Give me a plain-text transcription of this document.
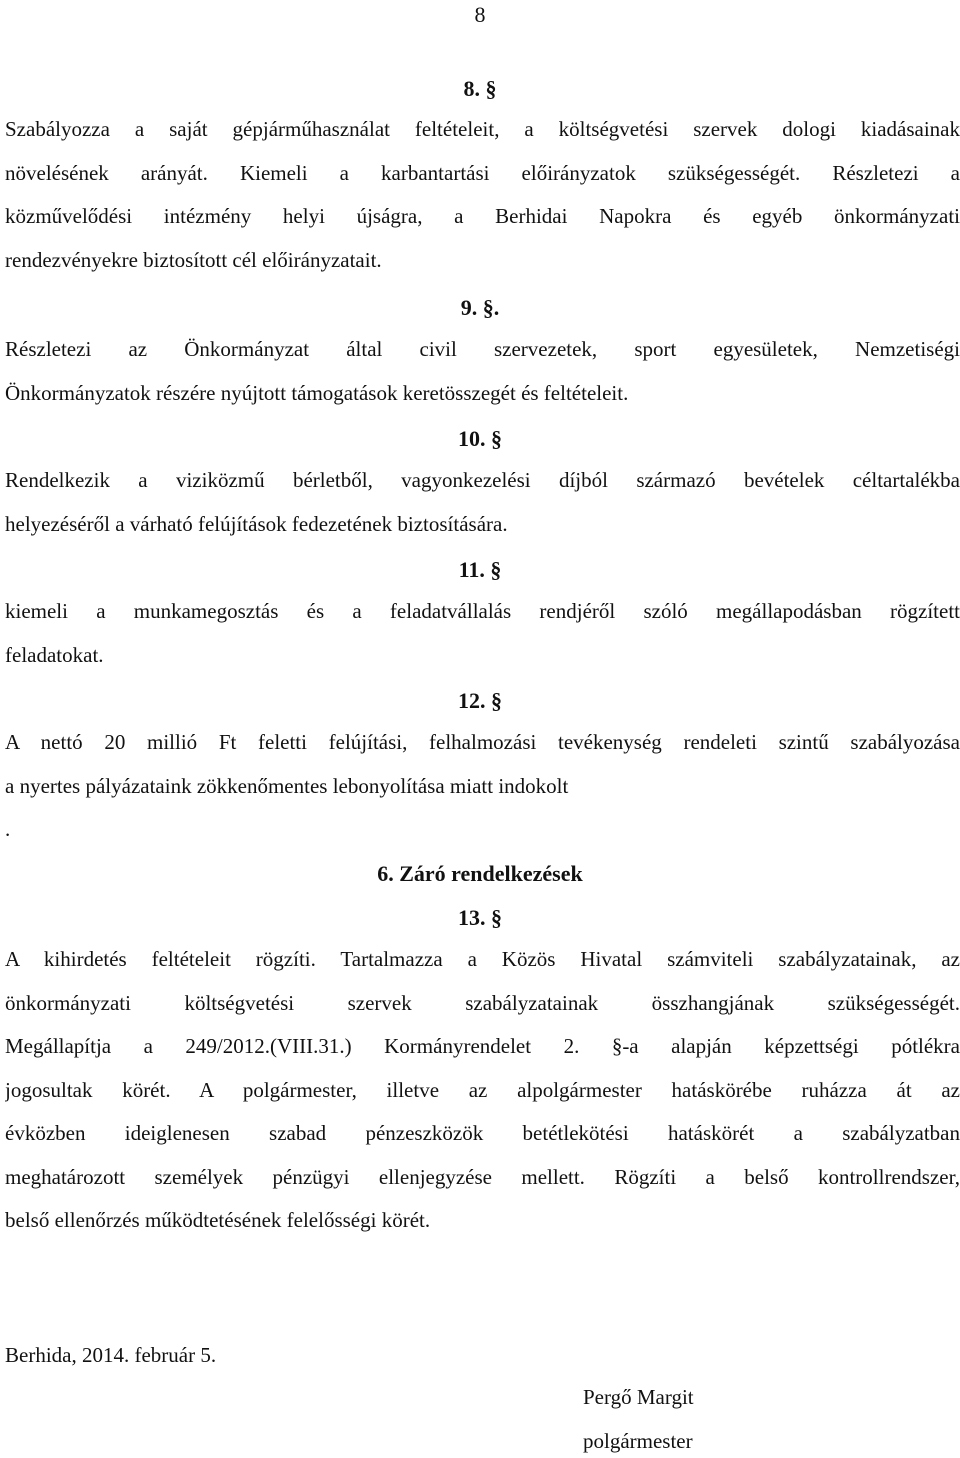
8
8. §
Szabályozza a saját gépjárműhasználat feltételeit, a költségvetési szervek dologi kiadásainak
növelésének arányát. Kiemeli a karbantartási előirányzatok szükségességét. Részletezi a
közművelődési intézmény helyi újságra, a Berhidai Napokra és egyéb önkormányzati
rendezvényekre biztosított cél előirányzatait.
9. §.
Részletezi az Önkormányzat által civil szervezetek, sport egyesületek, Nemzetiségi
Önkormányzatok részére nyújtott támogatások keretösszegét és feltételeit.
10. §
Rendelkezik a viziközmű bérletből, vagyonkezelési díjból származó bevételek céltartalékba
helyezéséről a várható felújítások fedezetének biztosítására.
11. §
kiemeli a munkamegosztás és a feladatvállalás rendjéről szóló megállapodásban rögzített
feladatokat.
12. §
A nettó 20 millió Ft feletti felújítási, felhalmozási tevékenység rendeleti szintű szabályozása
a nyertes pályázataink zökkenőmentes lebonyolítása miatt indokolt
.
6. Záró rendelkezések
13. §
A kihirdetés feltételeit rögzíti. Tartalmazza a Közös Hivatal számviteli szabályzatainak, az
önkormányzati költségvetési szervek szabályzatainak összhangjának szükségességét.
Megállapítja a 249/2012.(VIII.31.) Kormányrendelet 2. §-a alapján képzettségi pótlékra
jogosultak körét. A polgármester, illetve az alpolgármester hatáskörébe ruházza át az
évközben ideiglenesen szabad pénzeszközök betétlekötési hatáskörét a szabályzatban
meghatározott személyek pénzügyi ellenjegyzése mellett. Rögzíti a belső kontrollrendszer,
belső ellenőrzés működtetésének felelősségi körét.
Berhida, 2014. február 5.
Pergő Margit
polgármester
